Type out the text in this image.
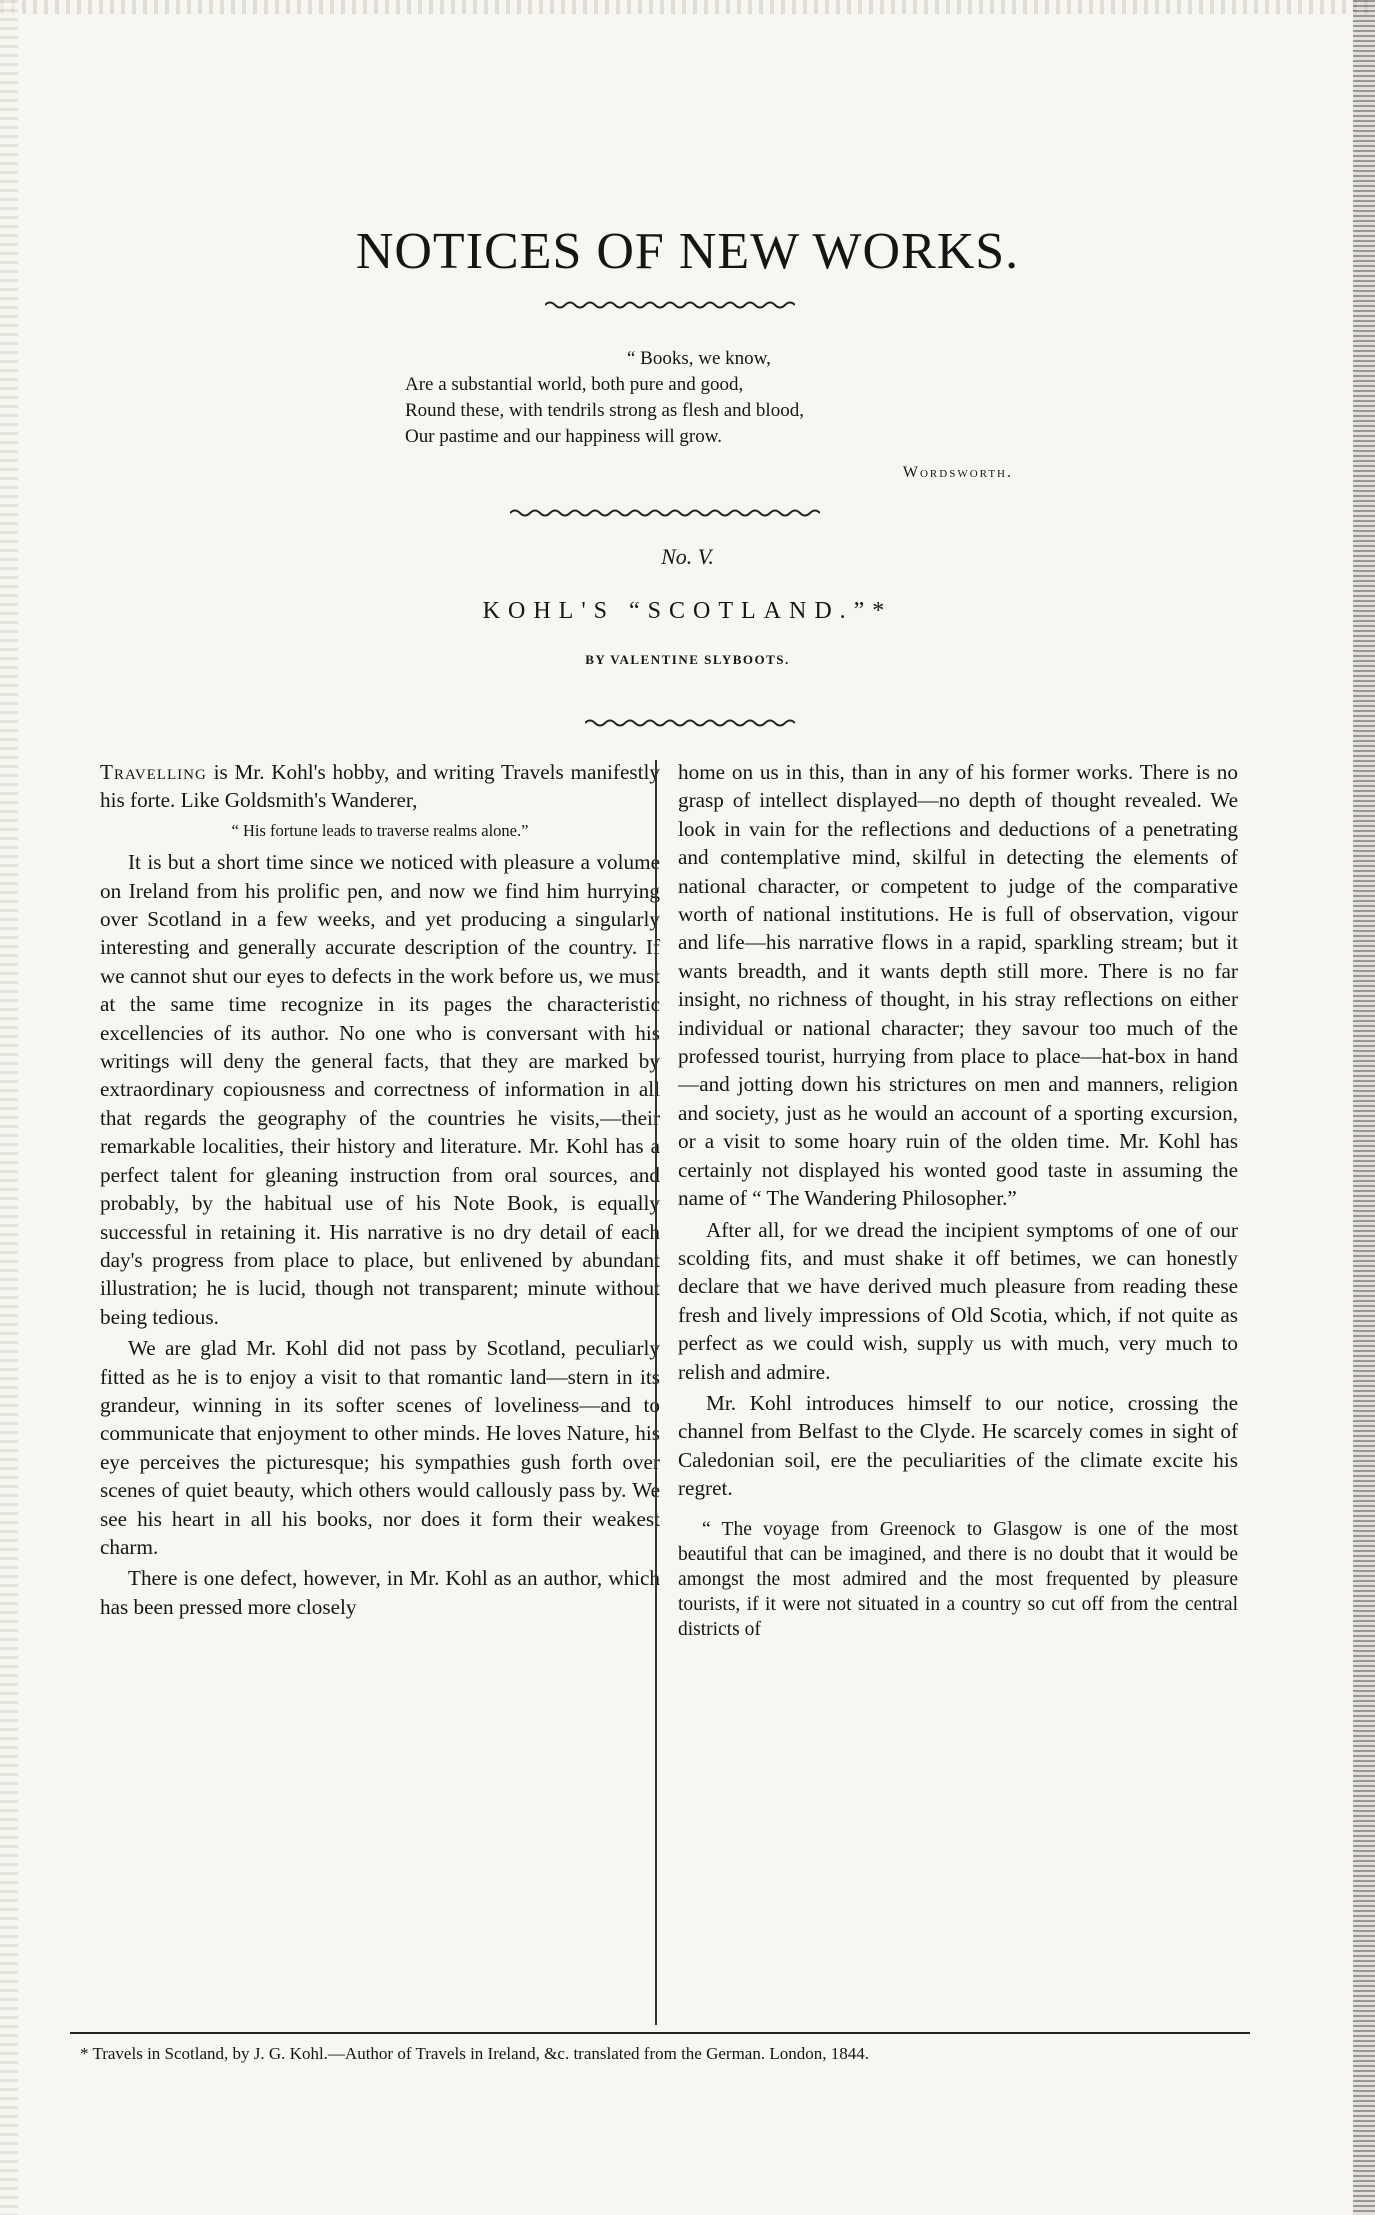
NOTICES OF NEW WORKS.
“ Books, we know,
Are a substantial world, both pure and good,
Round these, with tendrils strong as flesh and blood,
Our pastime and our happiness will grow.
Wordsworth.
No. V.
KOHL'S “SCOTLAND.”*
BY VALENTINE SLYBOOTS.

Travelling is Mr. Kohl's hobby, and writing Travels manifestly his forte. Like Goldsmith's Wanderer,

“ His fortune leads to traverse realms alone.”

It is but a short time since we noticed with pleasure a volume on Ireland from his prolific pen, and now we find him hurrying over Scotland in a few weeks, and yet producing a singularly interesting and generally accurate description of the country. If we cannot shut our eyes to defects in the work before us, we must at the same time recognize in its pages the characteristic excellencies of its author. No one who is conversant with his writings will deny the general facts, that they are marked by extraordinary copiousness and correctness of information in all that regards the geography of the countries he visits,—their remarkable localities, their history and literature. Mr. Kohl has a perfect talent for gleaning instruction from oral sources, and probably, by the habitual use of his Note Book, is equally successful in retaining it. His narrative is no dry detail of each day's progress from place to place, but enlivened by abundant illustration; he is lucid, though not transparent; minute without being tedious.

We are glad Mr. Kohl did not pass by Scotland, peculiarly fitted as he is to enjoy a visit to that romantic land—stern in its grandeur, winning in its softer scenes of loveliness—and to communicate that enjoyment to other minds. He loves Nature, his eye perceives the picturesque; his sympathies gush forth over scenes of quiet beauty, which others would callously pass by. We see his heart in all his books, nor does it form their weakest charm.

There is one defect, however, in Mr. Kohl as an author, which has been pressed more closely

home on us in this, than in any of his former works. There is no grasp of intellect displayed—no depth of thought revealed. We look in vain for the reflections and deductions of a penetrating and contemplative mind, skilful in detecting the elements of national character, or competent to judge of the comparative worth of national institutions. He is full of observation, vigour and life—his narrative flows in a rapid, sparkling stream; but it wants breadth, and it wants depth still more. There is no far insight, no richness of thought, in his stray reflections on either individual or national character; they savour too much of the professed tourist, hurrying from place to place—hat-box in hand—and jotting down his strictures on men and manners, religion and society, just as he would an account of a sporting excursion, or a visit to some hoary ruin of the olden time. Mr. Kohl has certainly not displayed his wonted good taste in assuming the name of “ The Wandering Philosopher.”

After all, for we dread the incipient symptoms of one of our scolding fits, and must shake it off betimes, we can honestly declare that we have derived much pleasure from reading these fresh and lively impressions of Old Scotia, which, if not quite as perfect as we could wish, supply us with much, very much to relish and admire.

Mr. Kohl introduces himself to our notice, crossing the channel from Belfast to the Clyde. He scarcely comes in sight of Caledonian soil, ere the peculiarities of the climate excite his regret.

“ The voyage from Greenock to Glasgow is one of the most beautiful that can be imagined, and there is no doubt that it would be amongst the most admired and the most frequented by pleasure tourists, if it were not situated in a country so cut off from the central districts of

* Travels in Scotland, by J. G. Kohl.—Author of Travels in Ireland, &c. translated from the German. London, 1844.
